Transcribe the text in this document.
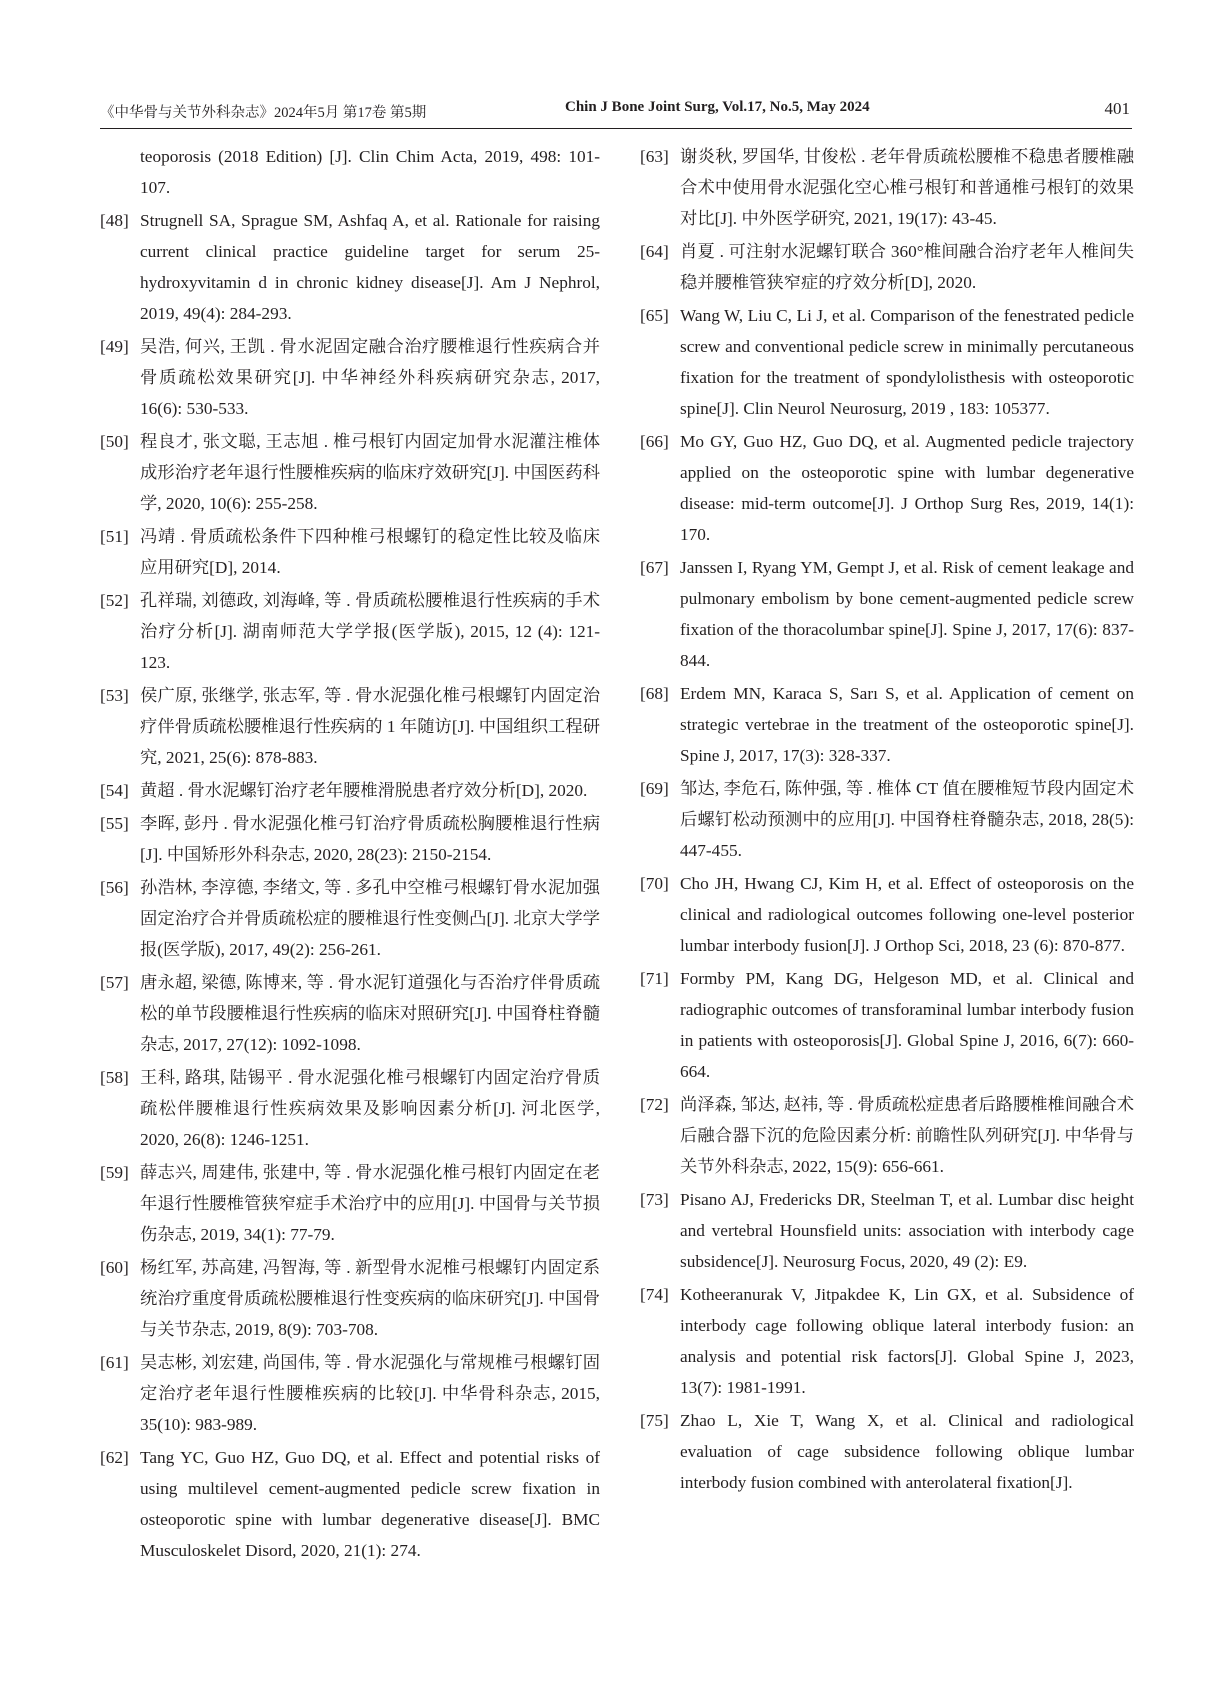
《中华骨与关节外科杂志》2024年5月 第17卷 第5期	Chin J Bone Joint Surg, Vol.17, No.5, May 2024	401
teoporosis (2018 Edition) [J]. Clin Chim Acta, 2019, 498: 101-107.
[48] Strugnell SA, Sprague SM, Ashfaq A, et al. Rationale for raising current clinical practice guideline target for serum 25-hydroxyvitamin d in chronic kidney disease[J]. Am J Nephrol, 2019, 49(4): 284-293.
[49] 吴浩, 何兴, 王凯 . 骨水泥固定融合治疗腰椎退行性疾病合并骨质疏松效果研究[J]. 中华神经外科疾病研究杂志, 2017, 16(6): 530-533.
[50] 程良才, 张文聪, 王志旭 . 椎弓根钉内固定加骨水泥灌注椎体成形治疗老年退行性腰椎疾病的临床疗效研究[J]. 中国医药科学, 2020, 10(6): 255-258.
[51] 冯靖 . 骨质疏松条件下四种椎弓根螺钉的稳定性比较及临床应用研究[D], 2014.
[52] 孔祥瑞, 刘德政, 刘海峰, 等 . 骨质疏松腰椎退行性疾病的手术治疗分析[J]. 湖南师范大学学报(医学版), 2015, 12 (4): 121-123.
[53] 侯广原, 张继学, 张志军, 等 . 骨水泥强化椎弓根螺钉内固定治疗伴骨质疏松腰椎退行性疾病的 1 年随访[J]. 中国组织工程研究, 2021, 25(6): 878-883.
[54] 黄超 . 骨水泥螺钉治疗老年腰椎滑脱患者疗效分析[D], 2020.
[55] 李晖, 彭丹 . 骨水泥强化椎弓钉治疗骨质疏松胸腰椎退行性病[J]. 中国矫形外科杂志, 2020, 28(23): 2150-2154.
[56] 孙浩林, 李淳德, 李绪文, 等 . 多孔中空椎弓根螺钉骨水泥加强固定治疗合并骨质疏松症的腰椎退行性变侧凸[J]. 北京大学学报(医学版), 2017, 49(2): 256-261.
[57] 唐永超, 梁德, 陈博来, 等 . 骨水泥钉道强化与否治疗伴骨质疏松的单节段腰椎退行性疾病的临床对照研究[J]. 中国脊柱脊髓杂志, 2017, 27(12): 1092-1098.
[58] 王科, 路琪, 陆锡平 . 骨水泥强化椎弓根螺钉内固定治疗骨质疏松伴腰椎退行性疾病效果及影响因素分析[J]. 河北医学, 2020, 26(8): 1246-1251.
[59] 薛志兴, 周建伟, 张建中, 等 . 骨水泥强化椎弓根钉内固定在老年退行性腰椎管狭窄症手术治疗中的应用[J]. 中国骨与关节损伤杂志, 2019, 34(1): 77-79.
[60] 杨红军, 苏高建, 冯智海, 等 . 新型骨水泥椎弓根螺钉内固定系统治疗重度骨质疏松腰椎退行性变疾病的临床研究[J]. 中国骨与关节杂志, 2019, 8(9): 703-708.
[61] 吴志彬, 刘宏建, 尚国伟, 等 . 骨水泥强化与常规椎弓根螺钉固定治疗老年退行性腰椎疾病的比较[J]. 中华骨科杂志, 2015, 35(10): 983-989.
[62] Tang YC, Guo HZ, Guo DQ, et al. Effect and potential risks of using multilevel cement-augmented pedicle screw fixation in osteoporotic spine with lumbar degenerative disease[J]. BMC Musculoskelet Disord, 2020, 21(1): 274.
[63] 谢炎秋, 罗国华, 甘俊松 . 老年骨质疏松腰椎不稳患者腰椎融合术中使用骨水泥强化空心椎弓根钉和普通椎弓根钉的效果对比[J]. 中外医学研究, 2021, 19(17): 43-45.
[64] 肖夏 . 可注射水泥螺钉联合 360°椎间融合治疗老年人椎间失稳并腰椎管狭窄症的疗效分析[D], 2020.
[65] Wang W, Liu C, Li J, et al. Comparison of the fenestrated pedicle screw and conventional pedicle screw in minimally percutaneous fixation for the treatment of spondylolisthesis with osteoporotic spine[J]. Clin Neurol Neurosurg, 2019 , 183: 105377.
[66] Mo GY, Guo HZ, Guo DQ, et al. Augmented pedicle trajectory applied on the osteoporotic spine with lumbar degenerative disease: mid-term outcome[J]. J Orthop Surg Res, 2019, 14(1): 170.
[67] Janssen I, Ryang YM, Gempt J, et al. Risk of cement leakage and pulmonary embolism by bone cement-augmented pedicle screw fixation of the thoracolumbar spine[J]. Spine J, 2017, 17(6): 837-844.
[68] Erdem MN, Karaca S, Sarı S, et al. Application of cement on strategic vertebrae in the treatment of the osteoporotic spine[J]. Spine J, 2017, 17(3): 328-337.
[69] 邹达, 李危石, 陈仲强, 等 . 椎体 CT 值在腰椎短节段内固定术后螺钉松动预测中的应用[J]. 中国脊柱脊髓杂志, 2018, 28(5): 447-455.
[70] Cho JH, Hwang CJ, Kim H, et al. Effect of osteoporosis on the clinical and radiological outcomes following one-level posterior lumbar interbody fusion[J]. J Orthop Sci, 2018, 23 (6): 870-877.
[71] Formby PM, Kang DG, Helgeson MD, et al. Clinical and radiographic outcomes of transforaminal lumbar interbody fusion in patients with osteoporosis[J]. Global Spine J, 2016, 6(7): 660-664.
[72] 尚泽森, 邹达, 赵祎, 等 . 骨质疏松症患者后路腰椎椎间融合术后融合器下沉的危险因素分析: 前瞻性队列研究[J]. 中华骨与关节外科杂志, 2022, 15(9): 656-661.
[73] Pisano AJ, Fredericks DR, Steelman T, et al. Lumbar disc height and vertebral Hounsfield units: association with interbody cage subsidence[J]. Neurosurg Focus, 2020, 49 (2): E9.
[74] Kotheeranurak V, Jitpakdee K, Lin GX, et al. Subsidence of interbody cage following oblique lateral interbody fusion: an analysis and potential risk factors[J]. Global Spine J, 2023, 13(7): 1981-1991.
[75] Zhao L, Xie T, Wang X, et al. Clinical and radiological evaluation of cage subsidence following oblique lumbar interbody fusion combined with anterolateral fixation[J].
